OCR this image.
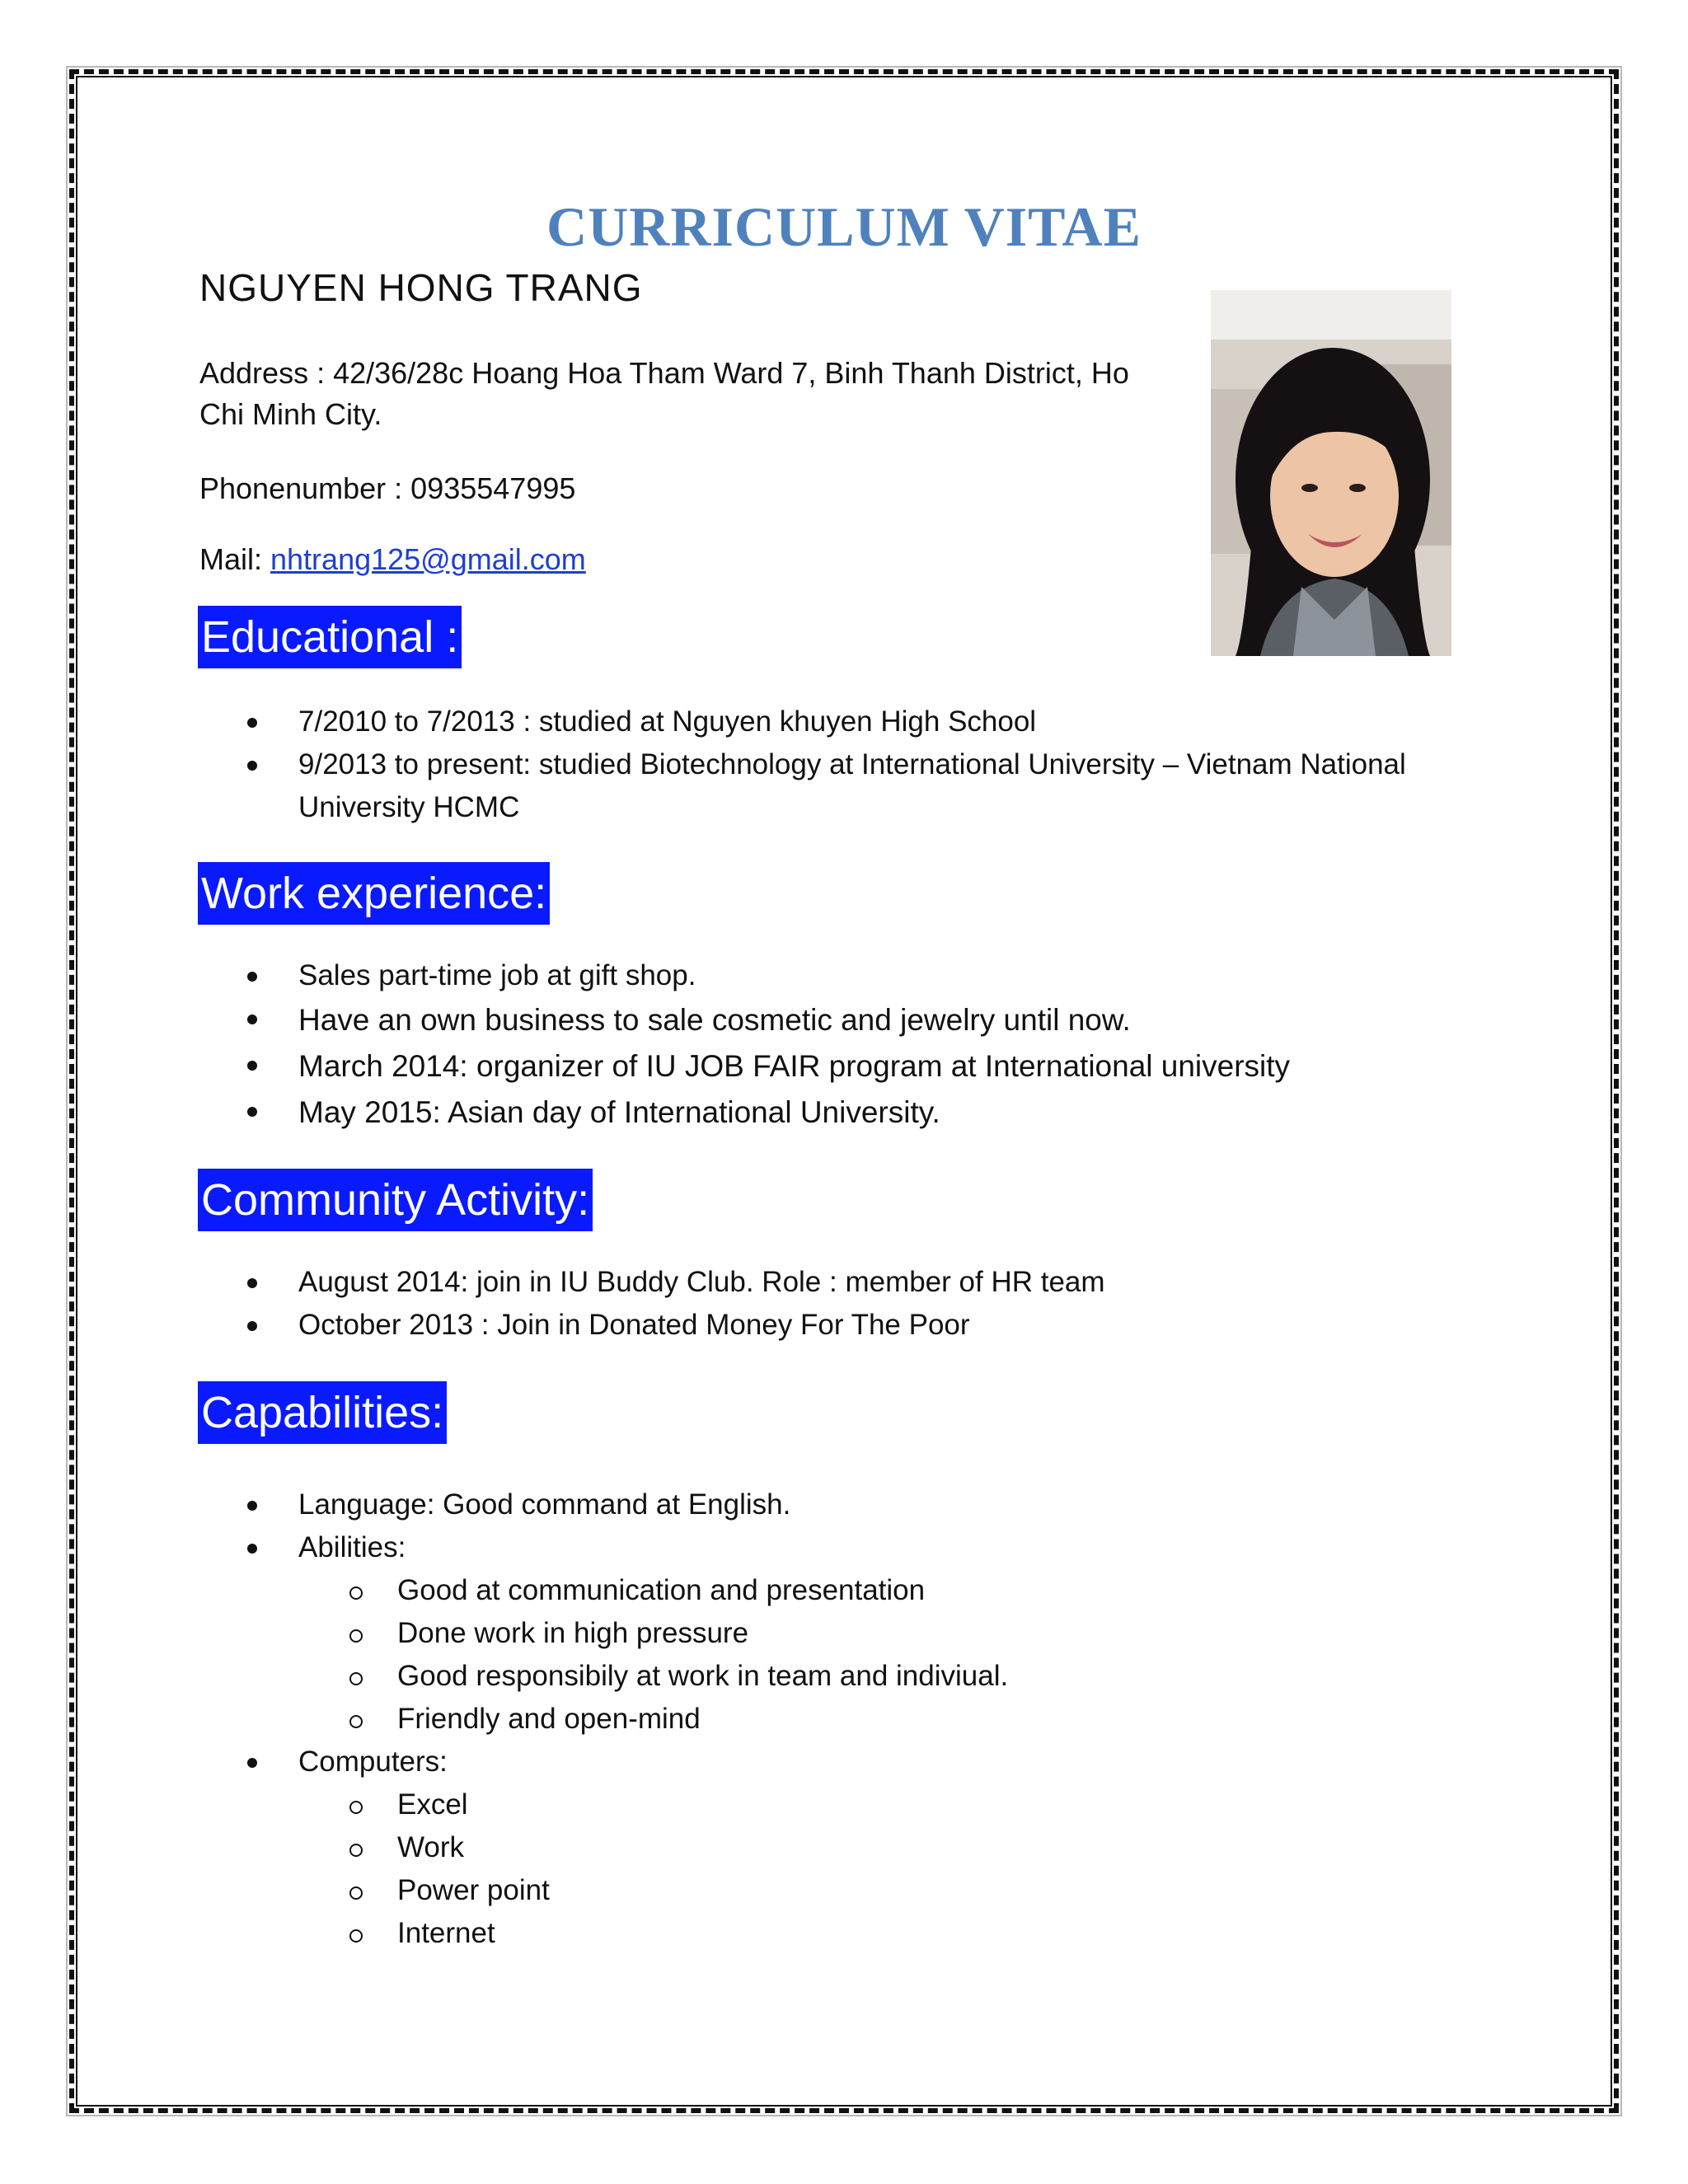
CURRICULUM VITAE
NGUYEN HONG TRANG
Address : 42/36/28c Hoang Hoa Tham Ward 7, Binh Thanh District, Ho Chi Minh City.
Phonenumber : 0935547995
Mail: nhtrang125@gmail.com
Educational :
7/2010 to 7/2013 : studied at Nguyen khuyen High School
9/2013 to present: studied Biotechnology at International University – Vietnam National University HCMC
Work experience:
Sales part-time job at gift shop.
Have an own business to sale cosmetic and jewelry until now.
March 2014: organizer of IU JOB FAIR program at International university
May 2015: Asian day of International University.
Community Activity:
August 2014: join in IU Buddy Club. Role : member of HR team
October 2013 : Join in Donated Money For The Poor
Capabilities:
Language: Good command at English.
Abilities:
Good at communication and presentation
Done work in high pressure
Good responsibily at work in team and indiviual.
Friendly and open-mind
Computers:
Excel
Work
Power point
Internet
